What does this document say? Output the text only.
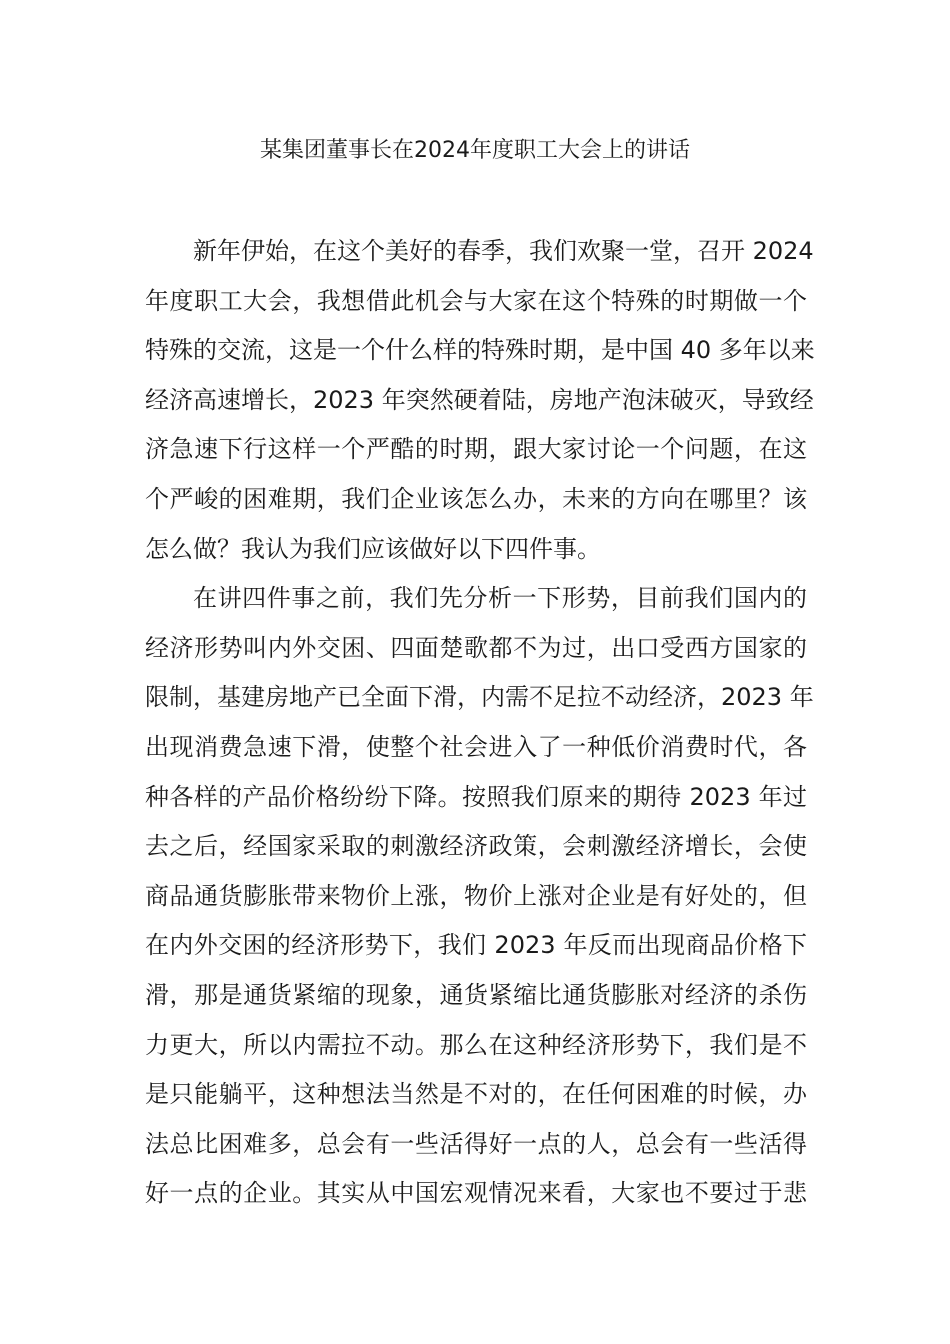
某集团董事长在2024年度职工大会上的讲话
新年伊始，在这个美好的春季，我们欢聚一堂，召开 2024
年度职工大会，我想借此机会与大家在这个特殊的时期做一个
特殊的交流，这是一个什么样的特殊时期，是中国 40 多年以来
经济高速增长，2023 年突然硬着陆，房地产泡沫破灭，导致经
济急速下行这样一个严酷的时期，跟大家讨论一个问题，在这
个严峻的困难期，我们企业该怎么办，未来的方向在哪里？该
怎么做？我认为我们应该做好以下四件事。
在讲四件事之前，我们先分析一下形势，目前我们国内的
经济形势叫内外交困、四面楚歌都不为过，出口受西方国家的
限制，基建房地产已全面下滑，内需不足拉不动经济，2023 年
出现消费急速下滑，使整个社会进入了一种低价消费时代，各
种各样的产品价格纷纷下降。按照我们原来的期待 2023 年过
去之后，经国家采取的刺激经济政策，会刺激经济增长，会使
商品通货膨胀带来物价上涨，物价上涨对企业是有好处的，但
在内外交困的经济形势下，我们 2023 年反而出现商品价格下
滑，那是通货紧缩的现象，通货紧缩比通货膨胀对经济的杀伤
力更大，所以内需拉不动。那么在这种经济形势下，我们是不
是只能躺平，这种想法当然是不对的，在任何困难的时候，办
法总比困难多，总会有一些活得好一点的人，总会有一些活得
好一点的企业。其实从中国宏观情况来看，大家也不要过于悲
